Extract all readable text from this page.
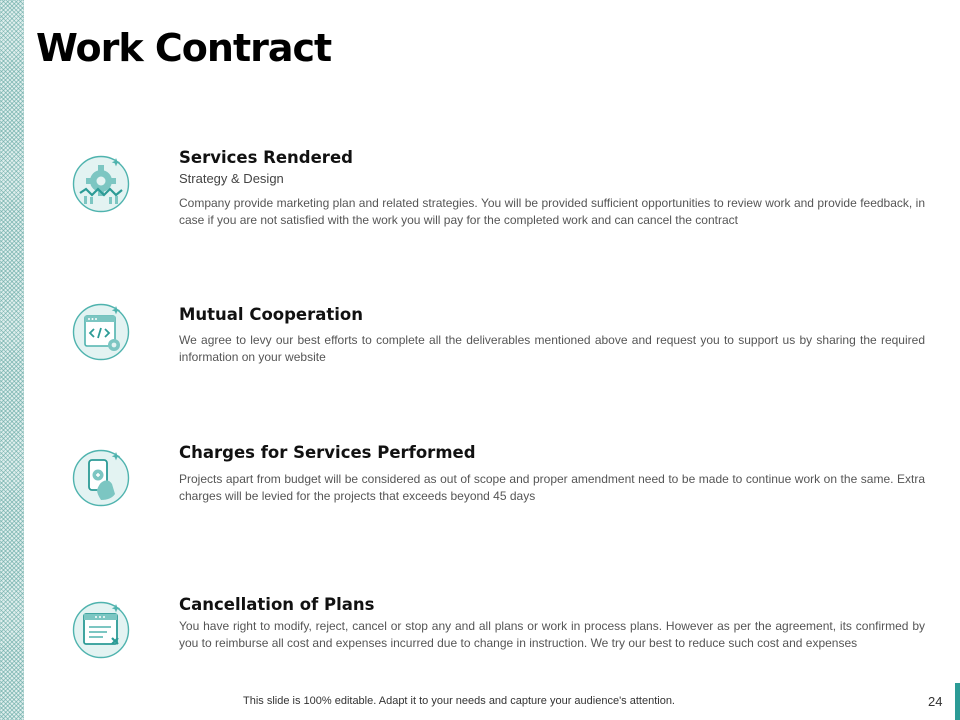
Work Contract
Services Rendered
Strategy & Design
Company provide marketing plan and related strategies. You will be provided sufficient opportunities to review work and provide feedback, in case if you are not satisfied with the work you will pay for the completed work and can cancel the contract
Mutual Cooperation
We agree to levy our best efforts to complete all the deliverables mentioned above and request you to support us by sharing the required information on your website
Charges for Services Performed
Projects apart from budget will be considered as out of scope and proper amendment need to be made to continue work on the same. Extra charges will be levied for the projects that exceeds beyond 45 days
Cancellation of Plans
You have right to modify, reject, cancel or stop any and all plans or work in process plans. However as per the agreement, its confirmed by you to reimburse all cost and expenses incurred due to change in instruction. We try our best to reduce such cost and expenses
This slide is 100% editable. Adapt it to your needs and capture your audience's attention.	24
